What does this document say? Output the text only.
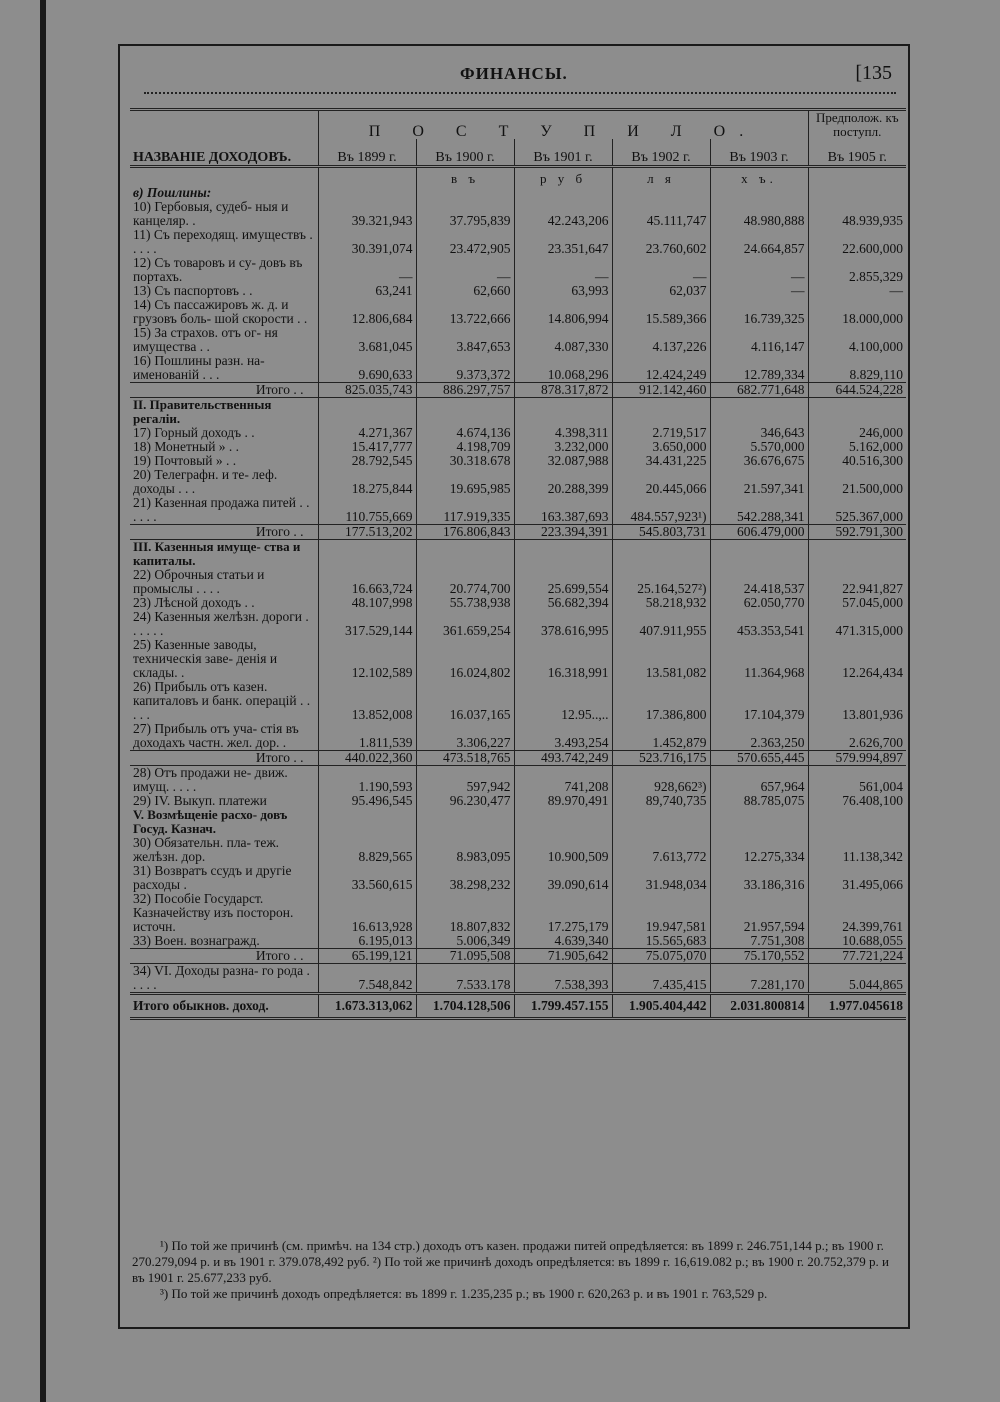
ФИНАНСЫ.	[135
НАЗВАНІЕ ДОХОДОВЪ.	П О С Т У П И Л О.					Предполож. къ поступл.
	Въ 1899 г.	Въ 1900 г.	Въ 1901 г.	Въ 1902 г.	Въ 1903 г.	Въ 1905 г.
		в ъ	р у б	л я	х ъ.	
в) Пошлины:						
10) Гербовыя, судеб- ныя и канцеляр. .	39.321,943	37.795,839	42.243,206	45.111,747	48.980,888	48.939,935
11) Съ переходящ. имуществъ . . . . .	30.391,074	23.472,905	23.351,647	23.760,602	24.664,857	22.600,000
12) Съ товаровъ и су- довъ въ портахъ.	—	—	—	—	—	2.855,329
13) Съ паспортовъ . .	63,241	62,660	63,993	62,037	—	—
14) Съ пассажировъ ж. д. и грузовъ боль- шой скорости . .	12.806,684	13.722,666	14.806,994	15.589,366	16.739,325	18.000,000
15) За страхов. отъ ог- ня имущества . .	3.681,045	3.847,653	4.087,330	4.137,226	4.116,147	4.100,000
16) Пошлины разн. на- именованій . . .	9.690,633	9.373,372	10.068,296	12.424,249	12.789,334	8.829,110
Итого . .	825.035,743	886.297,757	878.317,872	912.142,460	682.771,648	644.524,228
II. Правительственныя регаліи.						
17) Горный доходъ . .	4.271,367	4.674,136	4.398,311	2.719,517	346,643	246,000
18) Монетный » . .	15.417,777	4.198,709	3.232,000	3.650,000	5.570,000	5.162,000
19) Почтовый » . .	28.792,545	30.318.678	32.087,988	34.431,225	36.676,675	40.516,300
20) Телеграфн. и те- леф. доходы . . .	18.275,844	19.695,985	20.288,399	20.445,066	21.597,341	21.500,000
21) Казенная продажа питей . . . . . .	110.755,669	117.919,335	163.387,693	484.557,923¹)	542.288,341	525.367,000
Итого . .	177.513,202	176.806,843	223.394,391	545.803,731	606.479,000	592.791,300
III. Казенныя имуще- ства и капиталы.						
22) Оброчныя статьи и промыслы . . . .	16.663,724	20.774,700	25.699,554	25.164,527²)	24.418,537	22.941,827
23) Лѣсной доходъ . .	48.107,998	55.738,938	56.682,394	58.218,932	62.050,770	57.045,000
24) Казенныя желѣзн. дороги . . . . . .	317.529,144	361.659,254	378.616,995	407.911,955	453.353,541	471.315,000
25) Казенные заводы, техническія заве- денія и склады. .	12.102,589	16.024,802	16.318,991	13.581,082	11.364,968	12.264,434
26) Прибыль отъ казен. капиталовъ и банк. операцій . . . . .	13.852,008	16.037,165	12.95..,..	17.386,800	17.104,379	13.801,936
27) Прибыль отъ уча- стія въ доходахъ частн. жел. дор. .	1.811,539	3.306,227	3.493,254	1.452,879	2.363,250	2.626,700
Итого . .	440.022,360	473.518,765	493.742,249	523.716,175	570.655,445	579.994,897
28) Отъ продажи не- движ. имущ. . . . .	1.190,593	597,942	741,208	928,662³)	657,964	561,004
29) IV. Выкуп. платежи	95.496,545	96.230,477	89.970,491	89,740,735	88.785,075	76.408,100
V. Возмѣщеніе расхо- довъ Госуд. Казнач.						
30) Обязательн. пла- теж. желѣзн. дор.	8.829,565	8.983,095	10.900,509	7.613,772	12.275,334	11.138,342
31) Возвратъ ссудъ и другіе расходы .	33.560,615	38.298,232	39.090,614	31.948,034	33.186,316	31.495,066
32) Пособіе Государст. Казначейству изъ посторон. источн.	16.613,928	18.807,832	17.275,179	19.947,581	21.957,594	24.399,761
33) Воен. вознагражд.	6.195,013	5.006,349	4.639,340	15.565,683	7.751,308	10.688,055
Итого . .	65.199,121	71.095,508	71.905,642	75.075,070	75.170,552	77.721,224
34) VI. Доходы разна- го рода . . . . .	7.548,842	7.533.178	7.538,393	7.435,415	7.281,170	5.044,865
Итого обыкнов. доход.	1.673.313,062	1.704.128,506	1.799.457.155	1.905.404,442	2.031.800814	1.977.045618

¹) По той же причинѣ (см. примѣч. на 134 стр.) доходъ отъ казен. продажи питей опредѣляется: въ 1899 г. 246.751,144 р.; въ 1900 г. 270.279,094 р. и въ 1901 г. 379.078,492 руб. ²) По той же причинѣ доходъ опредѣляется: въ 1899 г. 16,619.082 р.; въ 1900 г. 20.752,379 р. и въ 1901 г. 25.677,233 руб.

³) По той же причинѣ доходъ опредѣляется: въ 1899 г. 1.235,235 р.; въ 1900 г. 620,263 р. и въ 1901 г. 763,529 р.
